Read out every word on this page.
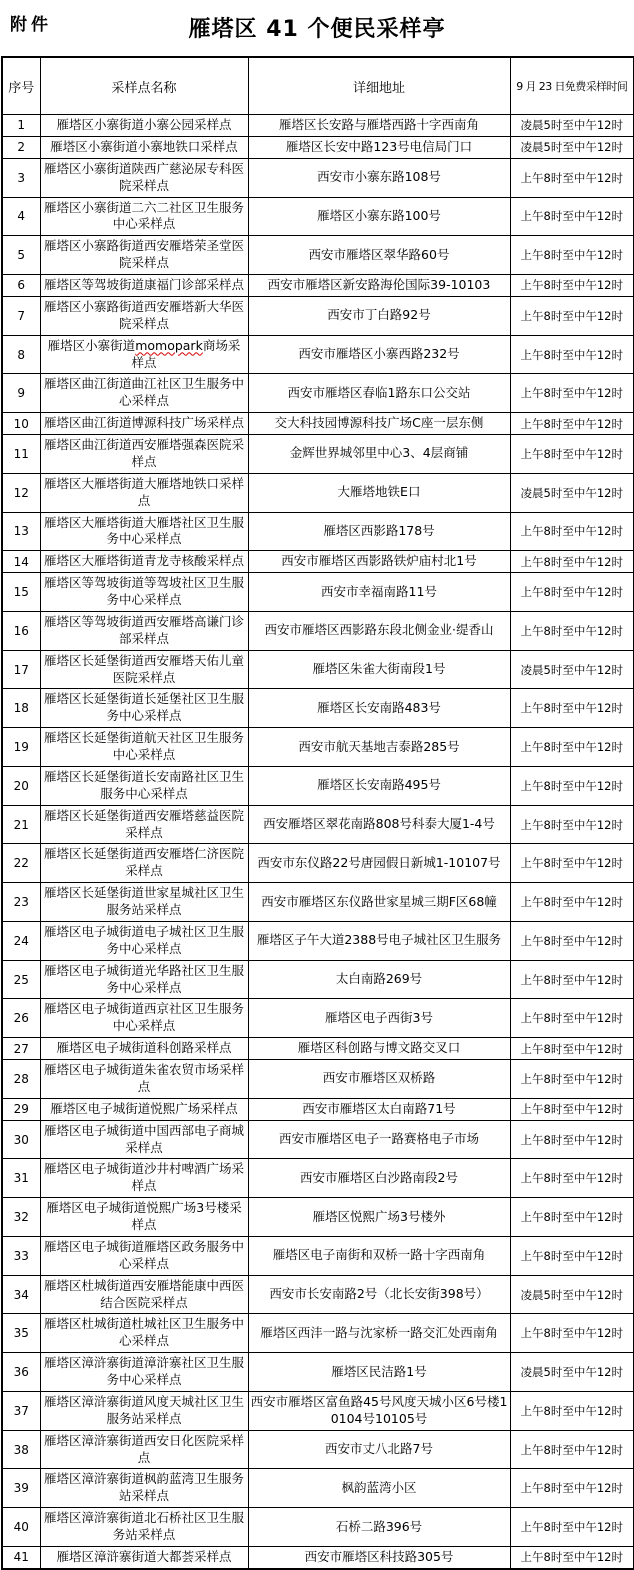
附件	雁塔区 41 个便民采样亭
序号	采样点名称	详细地址	9 月 23 日免费采样时间
1	雁塔区小寨街道小寨公园采样点	雁塔区长安路与雁塔西路十字西南角	凌晨5时至中午12时
2	雁塔区小寨街道小寨地铁口采样点	雁塔区长安中路123号电信局门口	凌晨5时至中午12时
3	雁塔区小寨街道陕西广慈泌尿专科医院采样点	西安市小寨东路108号	上午8时至中午12时
4	雁塔区小寨街道二六二社区卫生服务中心采样点	雁塔区小寨东路100号	上午8时至中午12时
5	雁塔区小寨路街道西安雁塔荣圣堂医院采样点	西安市雁塔区翠华路60号	上午8时至中午12时
6	雁塔区等驾坡街道康福门诊部采样点	西安市雁塔区新安路海伦国际39-10103	上午8时至中午12时
7	雁塔区小寨路街道西安雁塔新大华医院采样点	西安市丁白路92号	上午8时至中午12时
8	雁塔区小寨街道momopark商场采样点	西安市雁塔区小寨西路232号	上午8时至中午12时
9	雁塔区曲江街道曲江社区卫生服务中心采样点	西安市雁塔区春临1路东口公交站	上午8时至中午12时
10	雁塔区曲江街道博源科技广场采样点	交大科技园博源科技广场C座一层东侧	上午8时至中午12时
11	雁塔区曲江街道西安雁塔强森医院采样点	金辉世界城邻里中心3、4层商铺	上午8时至中午12时
12	雁塔区大雁塔街道大雁塔地铁口采样点	大雁塔地铁E口	凌晨5时至中午12时
13	雁塔区大雁塔街道大雁塔社区卫生服务中心采样点	雁塔区西影路178号	上午8时至中午12时
14	雁塔区大雁塔街道青龙寺核酸采样点	西安市雁塔区西影路铁炉庙村北1号	上午8时至中午12时
15	雁塔区等驾坡街道等驾坡社区卫生服务中心采样点	西安市幸福南路11号	上午8时至中午12时
16	雁塔区等驾坡街道西安雁塔高谦门诊部采样点	西安市雁塔区西影路东段北侧金业·缇香山	上午8时至中午12时
17	雁塔区长延堡街道西安雁塔天佑儿童医院采样点	雁塔区朱雀大街南段1号	凌晨5时至中午12时
18	雁塔区长延堡街道长延堡社区卫生服务中心采样点	雁塔区长安南路483号	上午8时至中午12时
19	雁塔区长延堡街道航天社区卫生服务中心采样点	西安市航天基地吉泰路285号	上午8时至中午12时
20	雁塔区长延堡街道长安南路社区卫生服务中心采样点	雁塔区长安南路495号	上午8时至中午12时
21	雁塔区长延堡街道西安雁塔慈益医院采样点	西安雁塔区翠花南路808号科泰大厦1-4号	上午8时至中午12时
22	雁塔区长延堡街道西安雁塔仁济医院采样点	西安市东仪路22号唐园假日新城1-10107号	上午8时至中午12时
23	雁塔区长延堡街道世家星城社区卫生服务站采样点	西安市雁塔区东仪路世家星城三期F区68幢	上午8时至中午12时
24	雁塔区电子城街道电子城社区卫生服务中心采样点	雁塔区子午大道2388号电子城社区卫生服务	上午8时至中午12时
25	雁塔区电子城街道光华路社区卫生服务中心采样点	太白南路269号	上午8时至中午12时
26	雁塔区电子城街道西京社区卫生服务中心采样点	雁塔区电子西街3号	上午8时至中午12时
27	雁塔区电子城街道科创路采样点	雁塔区科创路与博文路交叉口	上午8时至中午12时
28	雁塔区电子城街道朱雀农贸市场采样点	西安市雁塔区双桥路	上午8时至中午12时
29	雁塔区电子城街道悦熙广场采样点	西安市雁塔区太白南路71号	上午8时至中午12时
30	雁塔区电子城街道中国西部电子商城采样点	西安市雁塔区电子一路赛格电子市场	上午8时至中午12时
31	雁塔区电子城街道沙井村啤酒广场采样点	西安市雁塔区白沙路南段2号	上午8时至中午12时
32	雁塔区电子城街道悦熙广场3号楼采样点	雁塔区悦熙广场3号楼外	上午8时至中午12时
33	雁塔区电子城街道雁塔区政务服务中心采样点	雁塔区电子南街和双桥一路十字西南角	上午8时至中午12时
34	雁塔区杜城街道西安雁塔能康中西医结合医院采样点	西安市长安南路2号（北长安街398号）	凌晨5时至中午12时
35	雁塔区杜城街道杜城社区卫生服务中心采样点	雁塔区西沣一路与沈家桥一路交汇处西南角	上午8时至中午12时
36	雁塔区漳浒寨街道漳浒寨社区卫生服务中心采样点	雁塔区民洁路1号	凌晨5时至中午12时
37	雁塔区漳浒寨街道风度天城社区卫生服务站采样点	西安市雁塔区富鱼路45号风度天城小区6号楼10104号10105号	上午8时至中午12时
38	雁塔区漳浒寨街道西安日化医院采样点	西安市丈八北路7号	上午8时至中午12时
39	雁塔区漳浒寨街道枫韵蓝湾卫生服务站采样点	枫韵蓝湾小区	上午8时至中午12时
40	雁塔区漳浒寨街道北石桥社区卫生服务站采样点	石桥二路396号	上午8时至中午12时
41	雁塔区漳浒寨街道大都荟采样点	西安市雁塔区科技路305号	上午8时至中午12时
